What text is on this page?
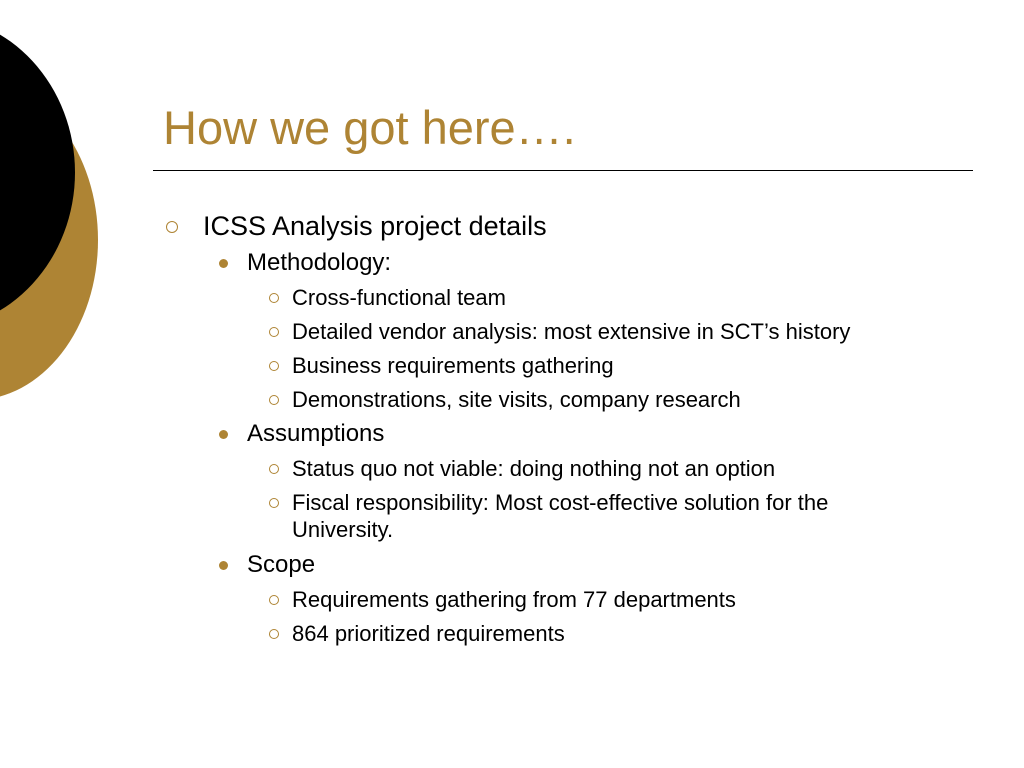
How we got here….
ICSS Analysis project details
Methodology:
Cross-functional team
Detailed vendor analysis: most extensive in SCT’s history
Business requirements gathering
Demonstrations, site visits, company research
Assumptions
Status quo not viable: doing nothing not an option
Fiscal responsibility: Most cost-effective solution for the
University.
Scope
Requirements gathering from 77 departments
864 prioritized requirements
